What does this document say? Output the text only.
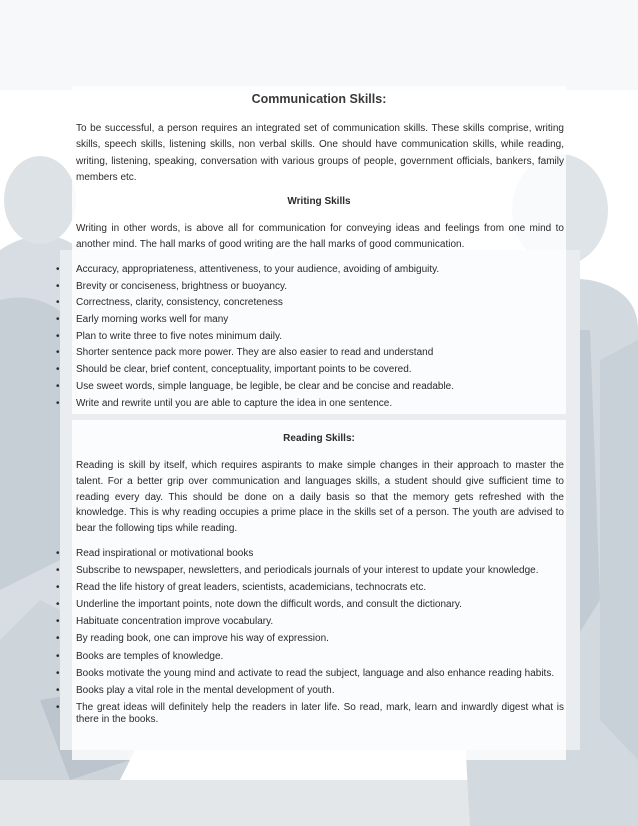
Communication Skills:
To be successful, a person requires an integrated set of communication skills. These skills comprise, writing skills, speech skills, listening skills, non verbal skills. One should have communication skills, while reading, writing, listening, speaking, conversation with various groups of people, government officials, bankers, family members etc.
Writing Skills
Writing in other words, is above all for communication for conveying ideas and feelings from one mind to another mind. The hall marks of good writing are the hall marks of good communication.
• Accuracy, appropriateness, attentiveness, to your audience, avoiding of ambiguity.
• Brevity or conciseness, brightness or buoyancy.
• Correctness, clarity, consistency, concreteness
• Early morning works well for many
• Plan to write three to five notes minimum daily.
• Shorter sentence pack more power. They are also easier to read and understand
• Should be clear, brief content, conceptuality, important points to be covered.
• Use sweet words, simple language, be legible, be clear and be concise and readable.
• Write and rewrite until you are able to capture the idea in one sentence.
Reading Skills:
Reading is skill by itself, which requires aspirants to make simple changes in their approach to master the talent. For a better grip over communication and languages skills, a student should give sufficient time to reading every day. This should be done on a daily basis so that the memory gets refreshed with the knowledge. This is why reading occupies a prime place in the skills set of a person. The youth are advised to bear the following tips while reading.
• Read inspirational or motivational books
• Subscribe to newspaper, newsletters, and periodicals journals of your interest to update your knowledge.
• Read the life history of great leaders, scientists, academicians, technocrats etc.
• Underline the important points, note down the difficult words, and consult the dictionary.
• Habituate concentration improve vocabulary.
• By reading book, one can improve his way of expression.
• Books are temples of knowledge.
• Books motivate the young mind and activate to read the subject, language and also enhance reading habits.
• Books play a vital role in the mental development of youth.
• The great ideas will definitely help the readers in later life. So read, mark, learn and inwardly digest what is there in the books.
